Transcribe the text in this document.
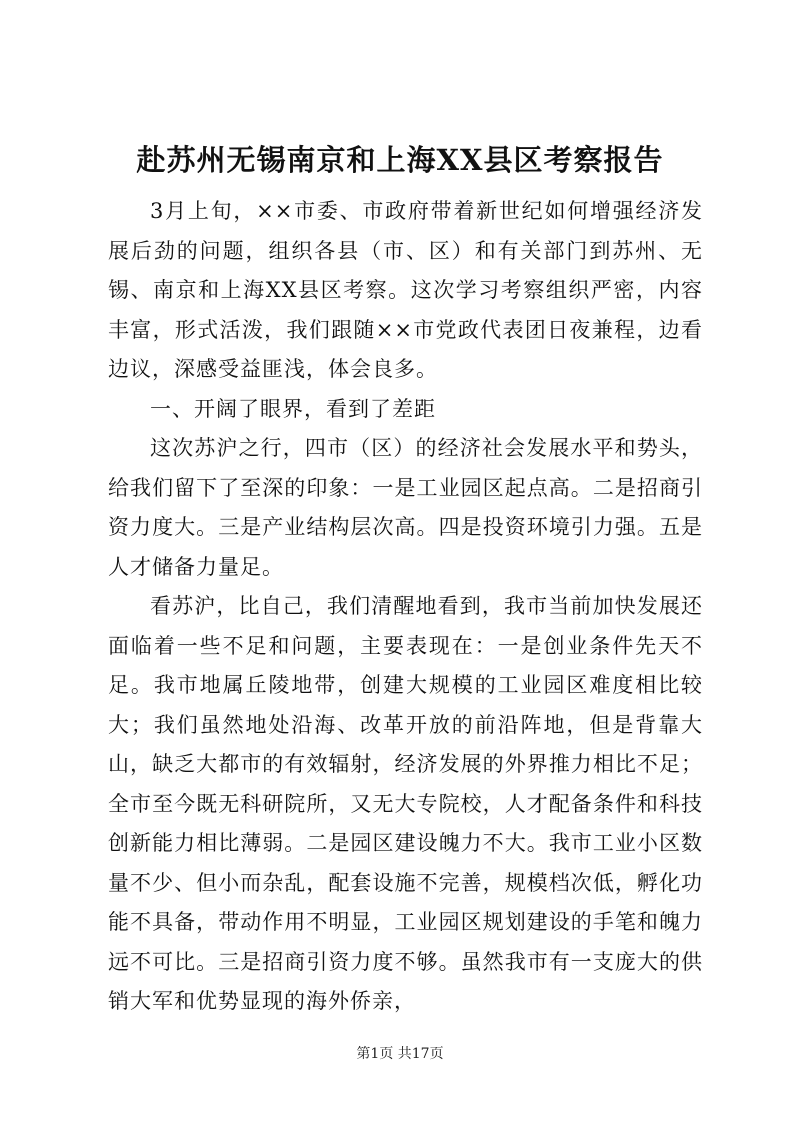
赴苏州无锡南京和上海XX县区考察报告

3月上旬，××市委、市政府带着新世纪如何增强经济发展后劲的问题，组织各县（市、区）和有关部门到苏州、无锡、南京和上海XX县区考察。这次学习考察组织严密，内容丰富，形式活泼，我们跟随××市党政代表团日夜兼程，边看边议，深感受益匪浅，体会良多。

一、开阔了眼界，看到了差距

这次苏沪之行，四市（区）的经济社会发展水平和势头，给我们留下了至深的印象：一是工业园区起点高。二是招商引资力度大。三是产业结构层次高。四是投资环境引力强。五是人才储备力量足。

看苏沪，比自己，我们清醒地看到，我市当前加快发展还面临着一些不足和问题，主要表现在：一是创业条件先天不足。我市地属丘陵地带，创建大规模的工业园区难度相比较大；我们虽然地处沿海、改革开放的前沿阵地，但是背靠大山，缺乏大都市的有效辐射，经济发展的外界推力相比不足；全市至今既无科研院所，又无大专院校，人才配备条件和科技创新能力相比薄弱。二是园区建设魄力不大。我市工业小区数量不少、但小而杂乱，配套设施不完善，规模档次低，孵化功能不具备，带动作用不明显，工业园区规划建设的手笔和魄力远不可比。三是招商引资力度不够。虽然我市有一支庞大的供销大军和优势显现的海外侨亲，

第1页 共17页
